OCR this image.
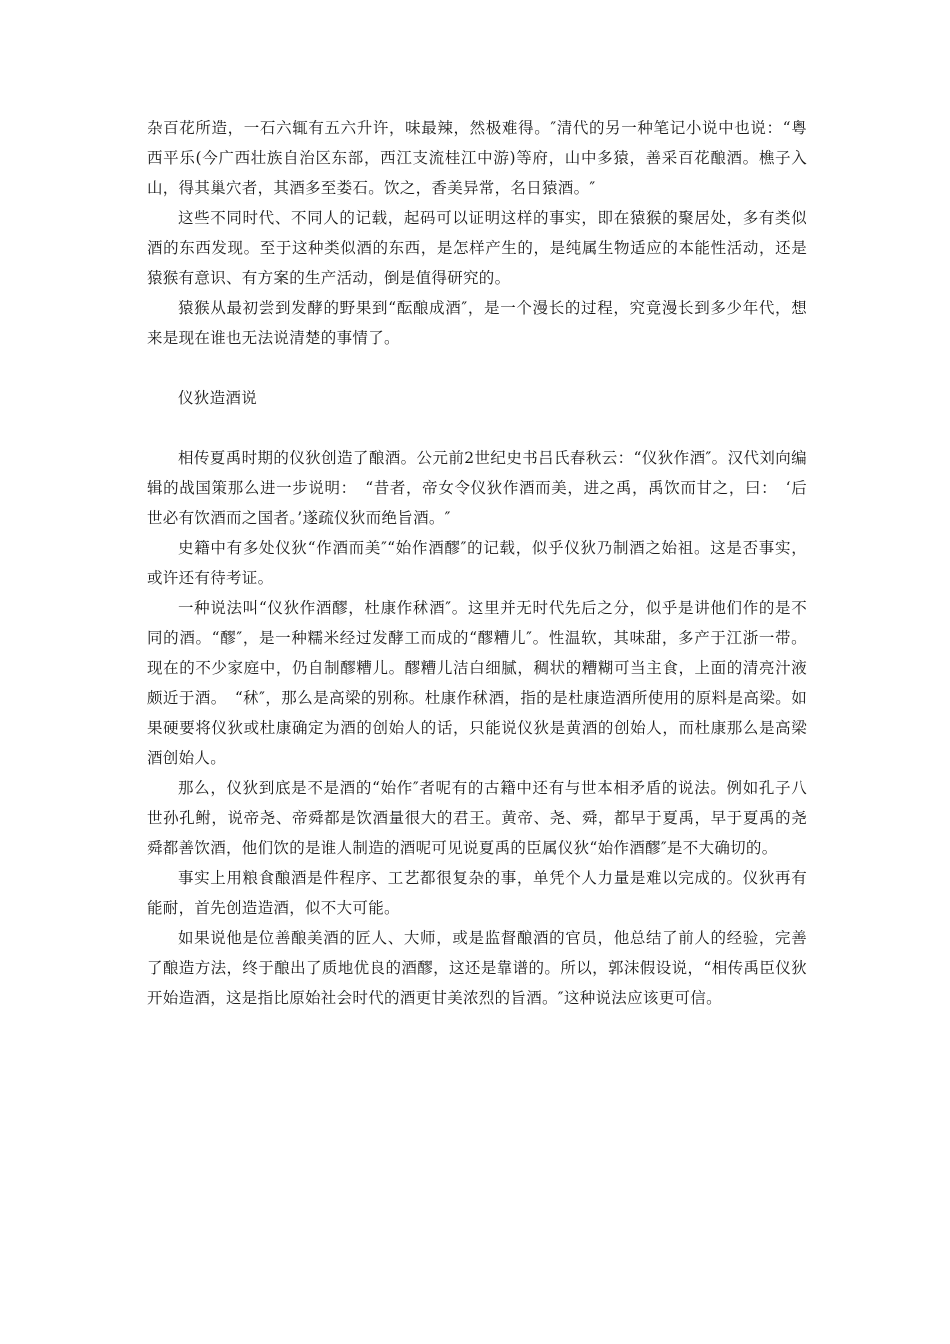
杂百花所造，一石六辄有五六升许，味最辣，然极难得。″清代的另一种笔记小说中也说：“粤西平乐(今广西壮族自治区东部，西江支流桂江中游)等府，山中多猿，善采百花酿酒。樵子入山，得其巢穴者，其酒多至娄石。饮之，香美异常，名日猿酒。″

这些不同时代、不同人的记载，起码可以证明这样的事实，即在猿猴的聚居处，多有类似酒的东西发现。至于这种类似酒的东西，是怎样产生的，是纯属生物适应的本能性活动，还是猿猴有意识、有方案的生产活动，倒是值得研究的。

猿猴从最初尝到发酵的野果到“酝酿成酒″，是一个漫长的过程，究竟漫长到多少年代，想来是现在谁也无法说清楚的事情了。

仪狄造酒说

相传夏禹时期的仪狄创造了酿酒。公元前2世纪史书吕氏春秋云：“仪狄作酒″。汉代刘向编辑的战国策那么进一步说明：　“昔者，帝女令仪狄作酒而美，进之禹，禹饮而甘之，曰：　‘后世必有饮酒而之国者。’遂疏仪狄而绝旨酒。″

史籍中有多处仪狄“作酒而美″“始作酒醪″的记载，似乎仪狄乃制酒之始祖。这是否事实，或许还有待考证。

一种说法叫“仪狄作酒醪，杜康作秫酒″。这里并无时代先后之分，似乎是讲他们作的是不同的酒。“醪″，是一种糯米经过发酵工而成的“醪糟儿″。性温软，其味甜，多产于江浙一带。现在的不少家庭中，仍自制醪糟儿。醪糟儿洁白细腻，稠状的糟糊可当主食，上面的清亮汁液颇近于酒。　“秫″，那么是高梁的别称。杜康作秫酒，指的是杜康造酒所使用的原料是高梁。如果硬要将仪狄或杜康确定为酒的创始人的话，只能说仪狄是黄酒的创始人，而杜康那么是高梁酒创始人。

那么，仪狄到底是不是酒的“始作″者呢有的古籍中还有与世本相矛盾的说法。例如孔子八世孙孔鲋，说帝尧、帝舜都是饮酒量很大的君王。黄帝、尧、舜，都早于夏禹，早于夏禹的尧舜都善饮酒，他们饮的是谁人制造的酒呢可见说夏禹的臣属仪狄“始作酒醪″是不大确切的。

事实上用粮食酿酒是件程序、工艺都很复杂的事，单凭个人力量是难以完成的。仪狄再有能耐，首先创造造酒，似不大可能。

如果说他是位善酿美酒的匠人、大师，或是监督酿酒的官员，他总结了前人的经验，完善了酿造方法，终于酿出了质地优良的酒醪，这还是靠谱的。所以，郭沫假设说，“相传禹臣仪狄开始造酒，这是指比原始社会时代的酒更甘美浓烈的旨酒。″这种说法应该更可信。
